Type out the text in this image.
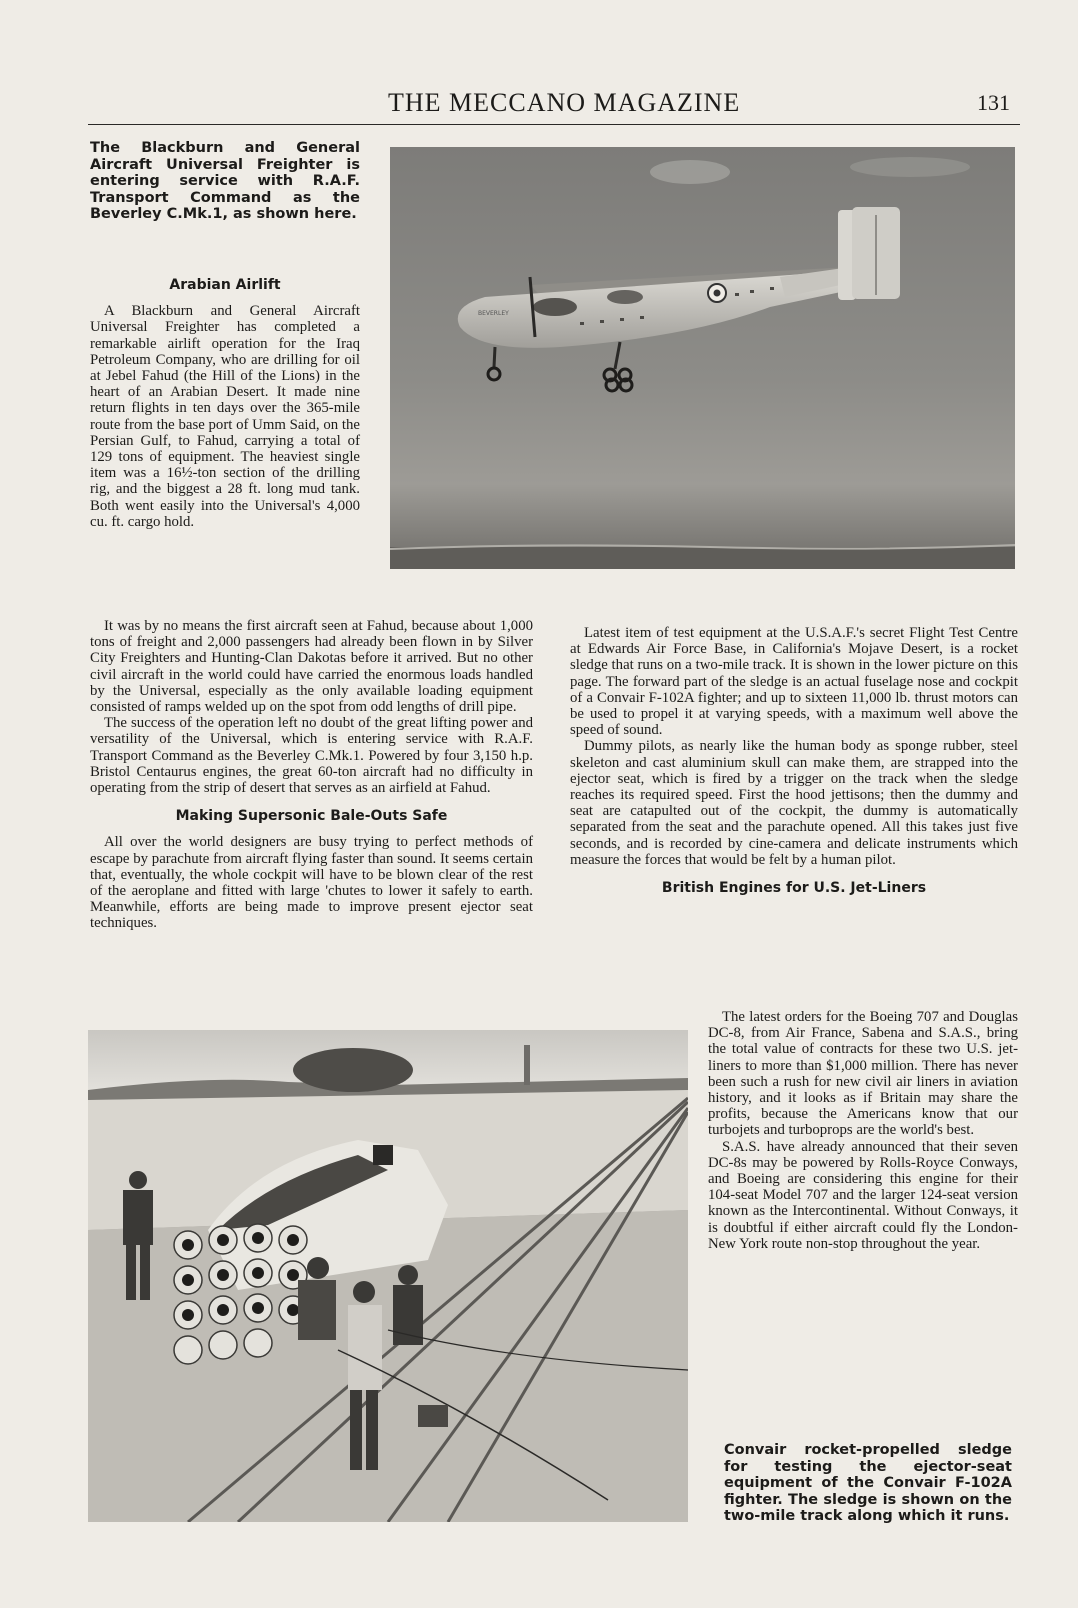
THE MECCANO MAGAZINE	131

The Blackburn and General Aircraft Universal Freighter is entering service with R.A.F. Transport Command as the Beverley C.Mk.1, as shown here.

BEVERLEY
Arabian Airlift

A Blackburn and General Aircraft Universal Freighter has completed a remarkable airlift operation for the Iraq Petroleum Company, who are drilling for oil at Jebel Fahud (the Hill of the Lions) in the heart of an Arabian Desert. It made nine return flights in ten days over the 365-mile route from the base port of Umm Said, on the Persian Gulf, to Fahud, carrying a total of 129 tons of equipment. The heaviest single item was a 16½-ton section of the drilling rig, and the biggest a 28 ft. long mud tank. Both went easily into the Universal's 4,000 cu. ft. cargo hold.

It was by no means the first aircraft seen at Fahud, because about 1,000 tons of freight and 2,000 passengers had already been flown in by Silver City Freighters and Hunting-Clan Dakotas before it arrived. But no other civil aircraft in the world could have carried the enormous loads handled by the Universal, especially as the only available loading equipment consisted of ramps welded up on the spot from odd lengths of drill pipe.

The success of the operation left no doubt of the great lifting power and versatility of the Universal, which is entering service with R.A.F. Transport Command as the Beverley C.Mk.1. Powered by four 3,150 h.p. Bristol Centaurus engines, the great 60-ton aircraft had no difficulty in operating from the strip of desert that serves as an airfield at Fahud.

Making Supersonic Bale-Outs Safe

All over the world designers are busy trying to perfect methods of escape by parachute from aircraft flying faster than sound. It seems certain that, eventually, the whole cockpit will have to be blown clear of the rest of the aeroplane and fitted with large 'chutes to lower it safely to earth. Meanwhile, efforts are being made to improve present ejector seat techniques.

Latest item of test equipment at the U.S.A.F.'s secret Flight Test Centre at Edwards Air Force Base, in California's Mojave Desert, is a rocket sledge that runs on a two-mile track. It is shown in the lower picture on this page. The forward part of the sledge is an actual fuselage nose and cockpit of a Convair F-102A fighter; and up to sixteen 11,000 lb. thrust motors can be used to propel it at varying speeds, with a maximum well above the speed of sound.

Dummy pilots, as nearly like the human body as sponge rubber, steel skeleton and cast aluminium skull can make them, are strapped into the ejector seat, which is fired by a trigger on the track when the sledge reaches its required speed. First the hood jettisons; then the dummy and seat are catapulted out of the cockpit, the dummy is automatically separated from the seat and the parachute opened. All this takes just five seconds, and is recorded by cine-camera and delicate instruments which measure the forces that would be felt by a human pilot.

British Engines for U.S. Jet-Liners

The latest orders for the Boeing 707 and Douglas DC-8, from Air France, Sabena and S.A.S., bring the total value of contracts for these two U.S. jet-liners to more than $1,000 million. There has never been such a rush for new civil air liners in aviation history, and it looks as if Britain may share the profits, because the Americans know that our turbojets and turboprops are the world's best.

S.A.S. have already announced that their seven DC-8s may be powered by Rolls-Royce Conways, and Boeing are considering this engine for their 104-seat Model 707 and the larger 124-seat version known as the Intercontinental. Without Conways, it is doubtful if either aircraft could fly the London-New York route non-stop throughout the year.

Convair rocket-propelled sledge for testing the ejector-seat equipment of the Convair F-102A fighter. The sledge is shown on the two-mile track along which it runs.
